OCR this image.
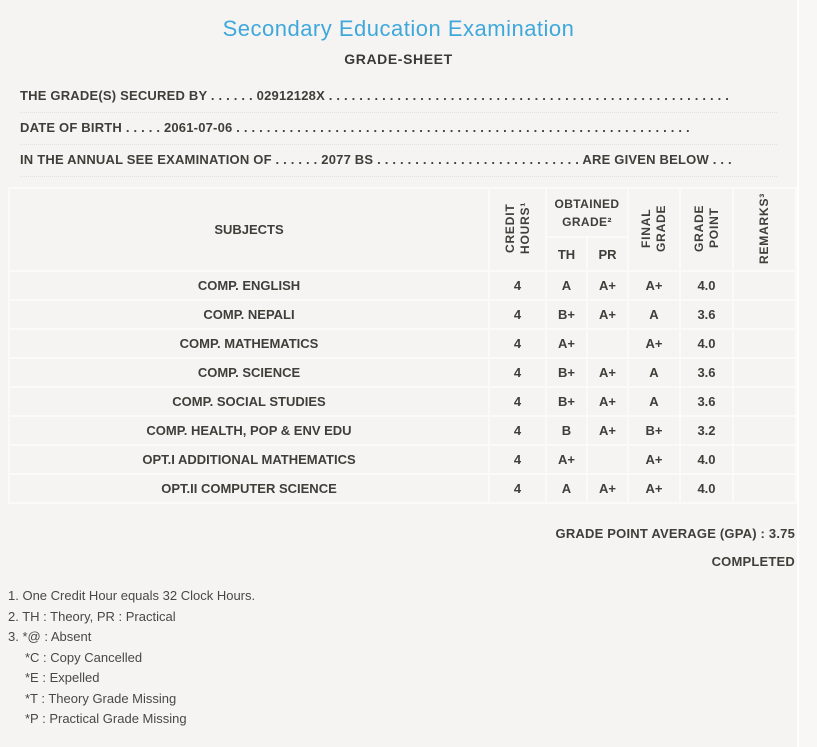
Secondary Education Examination
GRADE-SHEET
THE GRADE(S) SECURED BY . . . . . . 02912128X . . . . . . . . . . . . . . . . . . . . . . . . . . . . . . . . . . . . . . . . . . . . . . . . . . . . .
DATE OF BIRTH . . . . . 2061-07-06 . . . . . . . . . . . . . . . . . . . . . . . . . . . . . . . . . . . . . . . . . . . . . . . . . . . . . . . . . . . .
IN THE ANNUAL SEE EXAMINATION OF . . . . . . 2077 BS . . . . . . . . . . . . . . . . . . . . . . . . . . . ARE GIVEN BELOW . . .
SUBJECTS	CREDIT HOURS¹	OBTAINED GRADE²		FINAL GRADE	GRADE POINT	REMARKS³
		TH	PR			
COMP. ENGLISH	4	A	A+	A+	4.0	
COMP. NEPALI	4	B+	A+	A	3.6	
COMP. MATHEMATICS	4	A+		A+	4.0	
COMP. SCIENCE	4	B+	A+	A	3.6	
COMP. SOCIAL STUDIES	4	B+	A+	A	3.6	
COMP. HEALTH, POP & ENV EDU	4	B	A+	B+	3.2	
OPT.I ADDITIONAL MATHEMATICS	4	A+		A+	4.0	
OPT.II COMPUTER SCIENCE	4	A	A+	A+	4.0	
GRADE POINT AVERAGE (GPA) : 3.75
COMPLETED
1. One Credit Hour equals 32 Clock Hours.
2. TH : Theory, PR : Practical
3. *@ : Absent
*C : Copy Cancelled
*E : Expelled
*T : Theory Grade Missing
*P : Practical Grade Missing
